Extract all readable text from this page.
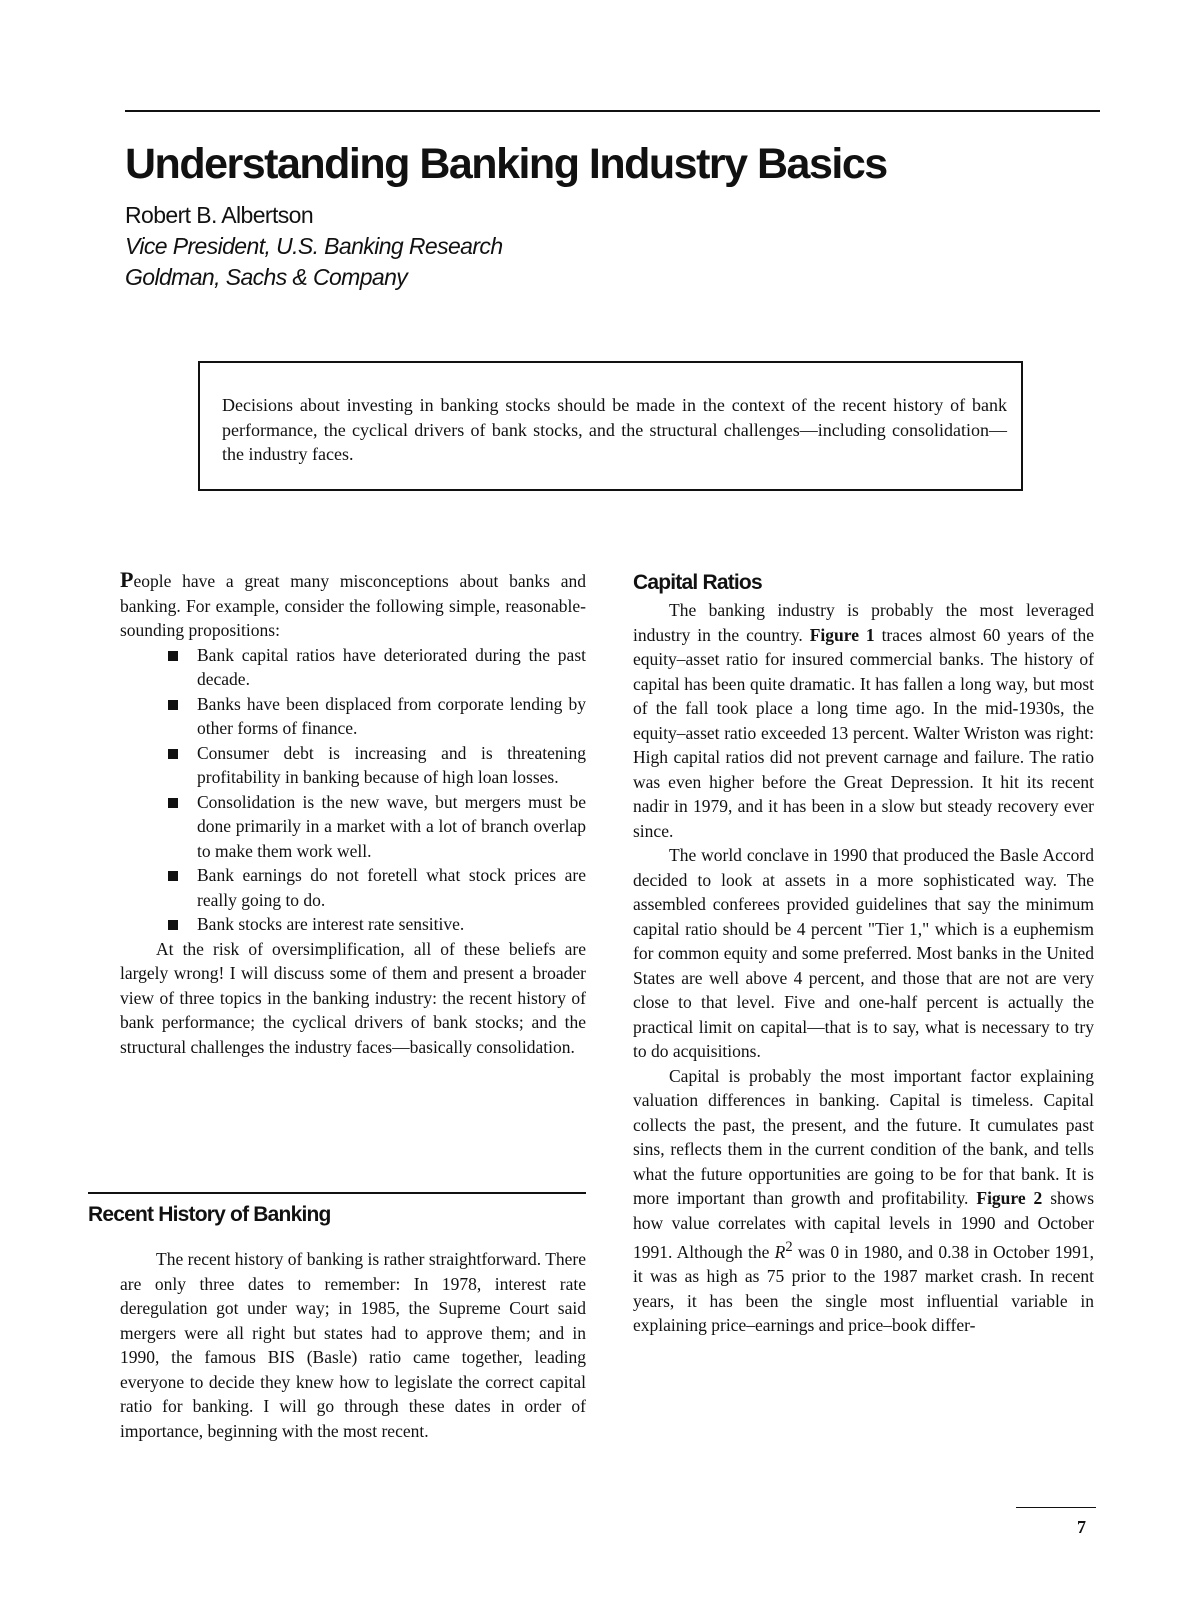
Understanding Banking Industry Basics
Robert B. Albertson
Vice President, U.S. Banking Research
Goldman, Sachs & Company

Decisions about investing in banking stocks should be made in the context of the recent history of bank performance, the cyclical drivers of bank stocks, and the structural challenges—including consolidation—the industry faces.

People have a great many misconceptions about banks and banking. For example, consider the following simple, reasonable-sounding propositions:

Bank capital ratios have deteriorated during the past decade.
Banks have been displaced from corporate lending by other forms of finance.
Consumer debt is increasing and is threatening profitability in banking because of high loan losses.
Consolidation is the new wave, but mergers must be done primarily in a market with a lot of branch overlap to make them work well.
Bank earnings do not foretell what stock prices are really going to do.
Bank stocks are interest rate sensitive.

At the risk of oversimplification, all of these beliefs are largely wrong! I will discuss some of them and present a broader view of three topics in the banking industry: the recent history of bank performance; the cyclical drivers of bank stocks; and the structural challenges the industry faces—basically consolidation.

Recent History of Banking

The recent history of banking is rather straightforward. There are only three dates to remember: In 1978, interest rate deregulation got under way; in 1985, the Supreme Court said mergers were all right but states had to approve them; and in 1990, the famous BIS (Basle) ratio came together, leading everyone to decide they knew how to legislate the correct capital ratio for banking. I will go through these dates in order of importance, beginning with the most recent.

Capital Ratios

The banking industry is probably the most leveraged industry in the country. Figure 1 traces almost 60 years of the equity–asset ratio for insured commercial banks. The history of capital has been quite dramatic. It has fallen a long way, but most of the fall took place a long time ago. In the mid-1930s, the equity–asset ratio exceeded 13 percent. Walter Wriston was right: High capital ratios did not prevent carnage and failure. The ratio was even higher before the Great Depression. It hit its recent nadir in 1979, and it has been in a slow but steady recovery ever since.

The world conclave in 1990 that produced the Basle Accord decided to look at assets in a more sophisticated way. The assembled conferees provided guidelines that say the minimum capital ratio should be 4 percent "Tier 1," which is a euphemism for common equity and some preferred. Most banks in the United States are well above 4 percent, and those that are not are very close to that level. Five and one-half percent is actually the practical limit on capital—that is to say, what is necessary to try to do acquisitions.

Capital is probably the most important factor explaining valuation differences in banking. Capital is timeless. Capital collects the past, the present, and the future. It cumulates past sins, reflects them in the current condition of the bank, and tells what the future opportunities are going to be for that bank. It is more important than growth and profitability. Figure 2 shows how value correlates with capital levels in 1990 and October 1991. Although the $R^2$ was 0 in 1980, and 0.38 in October 1991, it was as high as 75 prior to the 1987 market crash. In recent years, it has been the single most influential variable in explaining price–earnings and price–book differ-

7
